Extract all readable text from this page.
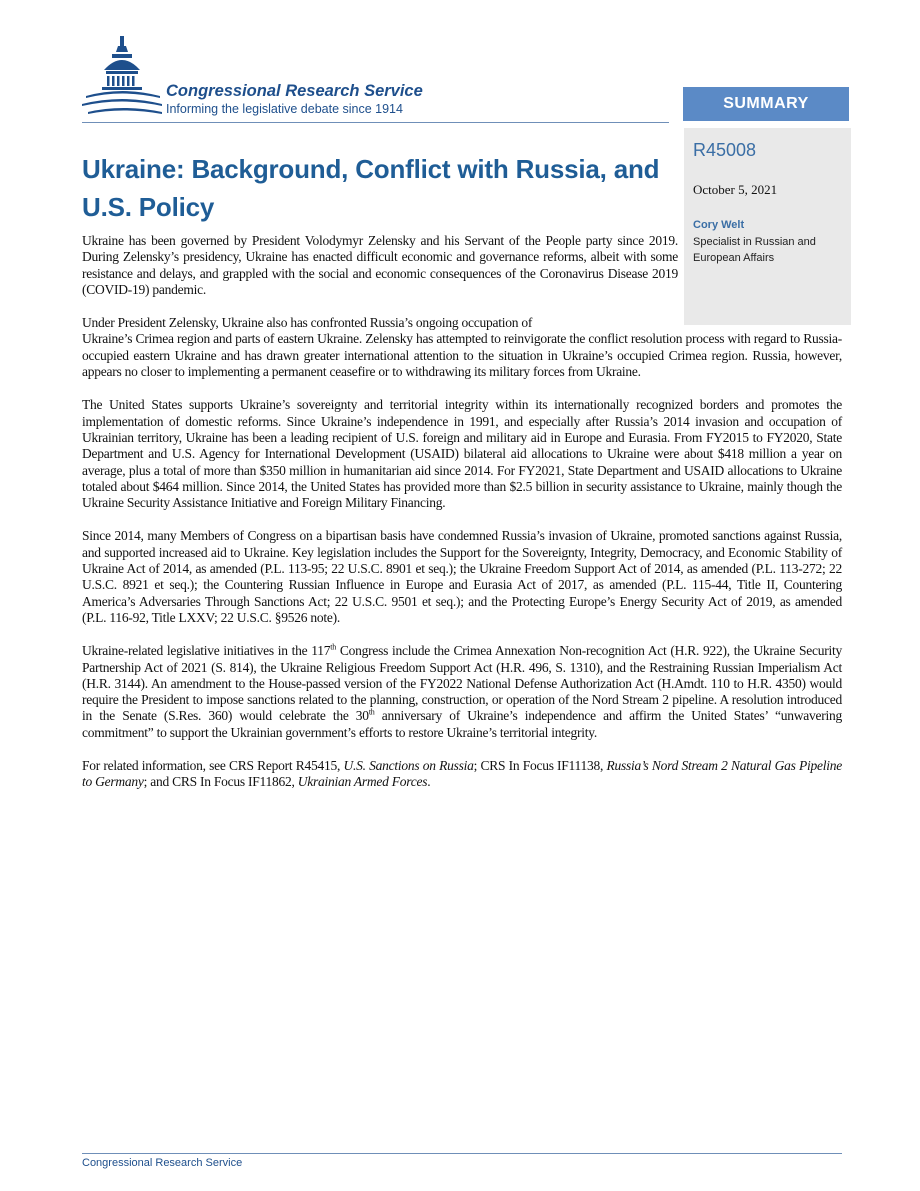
Congressional Research Service
Informing the legislative debate since 1914	SUMMARY
R45008
October 5, 2021
Cory Welt
Specialist in Russian and European Affairs
Ukraine: Background, Conflict with Russia, and U.S. Policy

Ukraine has been governed by President Volodymyr Zelensky and his Servant of the People party since 2019. During Zelensky’s presidency, Ukraine has enacted difficult economic and governance reforms, albeit with some resistance and delays, and grappled with the social and economic consequences of the Coronavirus Disease 2019 (COVID-19) pandemic.

Under President Zelensky, Ukraine also has confronted Russia’s ongoing occupation of
Ukraine’s Crimea region and parts of eastern Ukraine. Zelensky has attempted to reinvigorate the conflict resolution process with regard to Russia-occupied eastern Ukraine and has drawn greater international attention to the situation in Ukraine’s occupied Crimea region. Russia, however, appears no closer to implementing a permanent ceasefire or to withdrawing its military forces from Ukraine.

The United States supports Ukraine’s sovereignty and territorial integrity within its internationally recognized borders and promotes the implementation of domestic reforms. Since Ukraine’s independence in 1991, and especially after Russia’s 2014 invasion and occupation of Ukrainian territory, Ukraine has been a leading recipient of U.S. foreign and military aid in Europe and Eurasia. From FY2015 to FY2020, State Department and U.S. Agency for International Development (USAID) bilateral aid allocations to Ukraine were about $418 million a year on average, plus a total of more than $350 million in humanitarian aid since 2014. For FY2021, State Department and USAID allocations to Ukraine totaled about $464 million. Since 2014, the United States has provided more than $2.5 billion in security assistance to Ukraine, mainly though the Ukraine Security Assistance Initiative and Foreign Military Financing.

Since 2014, many Members of Congress on a bipartisan basis have condemned Russia’s invasion of Ukraine, promoted sanctions against Russia, and supported increased aid to Ukraine. Key legislation includes the Support for the Sovereignty, Integrity, Democracy, and Economic Stability of Ukraine Act of 2014, as amended (P.L. 113-95; 22 U.S.C. 8901 et seq.); the Ukraine Freedom Support Act of 2014, as amended (P.L. 113-272; 22 U.S.C. 8921 et seq.); the Countering Russian Influence in Europe and Eurasia Act of 2017, as amended (P.L. 115-44, Title II, Countering America’s Adversaries Through Sanctions Act; 22 U.S.C. 9501 et seq.); and the Protecting Europe’s Energy Security Act of 2019, as amended (P.L. 116-92, Title LXXV; 22 U.S.C. §9526 note).

Ukraine-related legislative initiatives in the 117th Congress include the Crimea Annexation Non-recognition Act (H.R. 922), the Ukraine Security Partnership Act of 2021 (S. 814), the Ukraine Religious Freedom Support Act (H.R. 496, S. 1310), and the Restraining Russian Imperialism Act (H.R. 3144). An amendment to the House-passed version of the FY2022 National Defense Authorization Act (H.Amdt. 110 to H.R. 4350) would require the President to impose sanctions related to the planning, construction, or operation of the Nord Stream 2 pipeline. A resolution introduced in the Senate (S.Res. 360) would celebrate the 30th anniversary of Ukraine’s independence and affirm the United States’ “unwavering commitment” to support the Ukrainian government’s efforts to restore Ukraine’s territorial integrity.

For related information, see CRS Report R45415, U.S. Sanctions on Russia; CRS In Focus IF11138, Russia’s Nord Stream 2 Natural Gas Pipeline to Germany; and CRS In Focus IF11862, Ukrainian Armed Forces.

Congressional Research Service
